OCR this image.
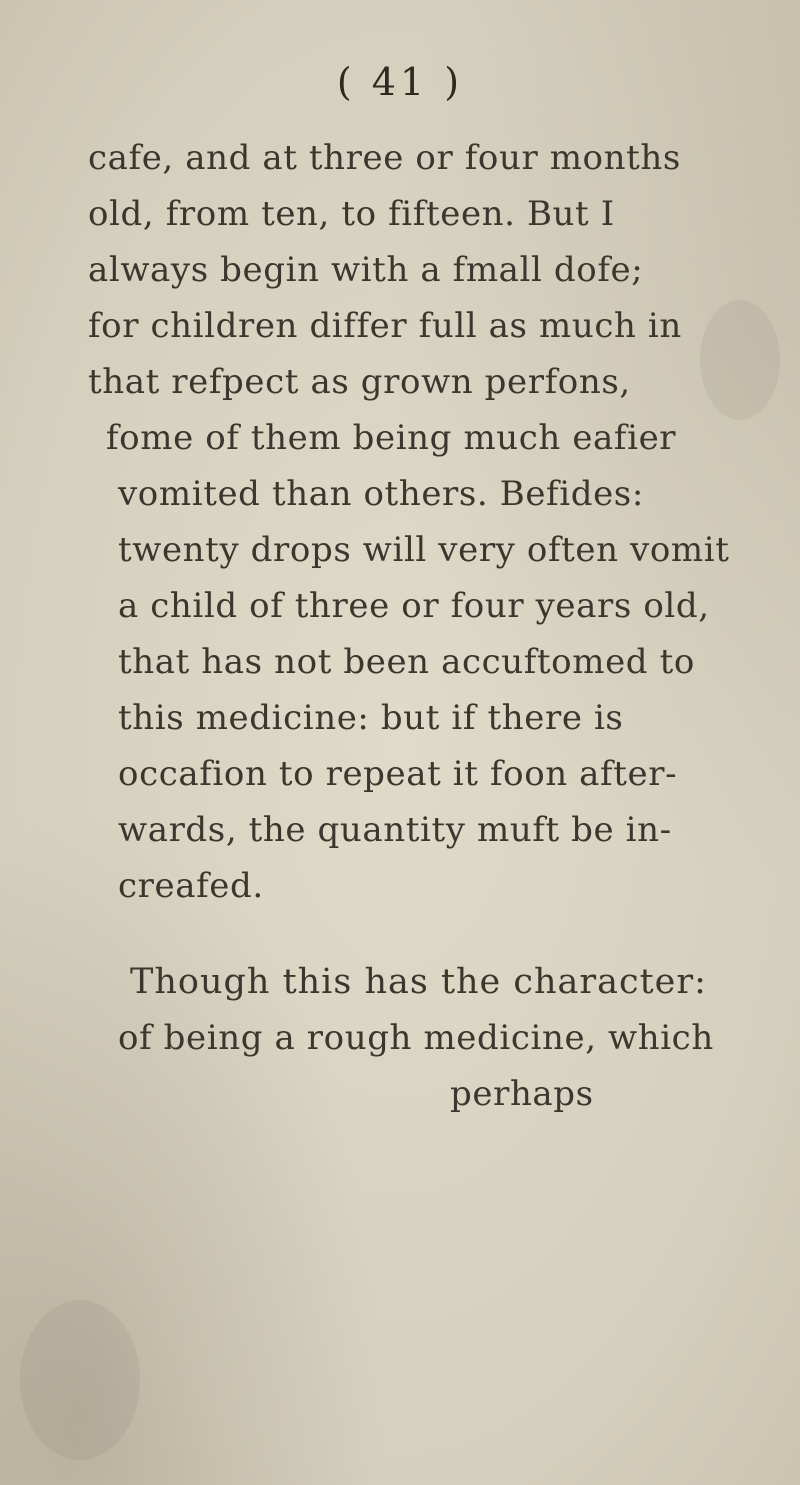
( 41 )
cafe, and at three or four months
old, from ten, to fifteen. But I
always begin with a fmall dofe;
for children differ full as much in
that refpect as grown perfons,
fome of them being much eafier
vomited than others. Befides:
twenty drops will very often vomit
a child of three or four years old,
that has not been accuftomed to
this medicine: but if there is
occafion to repeat it foon after-
wards, the quantity muft be in-
creafed.
Though this has the character:
of being a rough medicine, which
perhaps
